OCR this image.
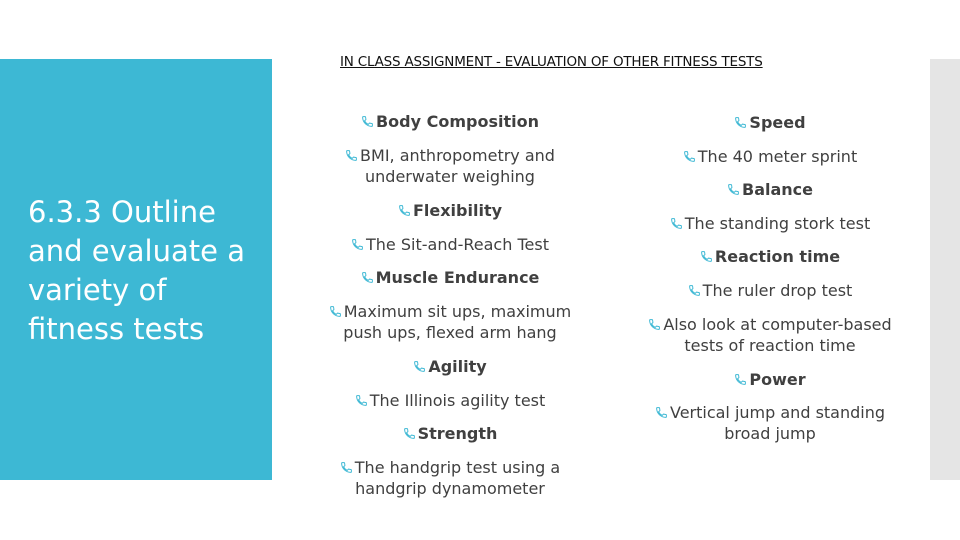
6.3.3 Outline and evaluate a variety of fitness tests
IN CLASS ASSIGNMENT - EVALUATION OF OTHER FITNESS TESTS
Body Composition
BMI, anthropometry and
underwater weighing
Flexibility
The Sit-and-Reach Test
Muscle Endurance
Maximum sit ups, maximum
push ups, flexed arm hang
Agility
The Illinois agility test
Strength
The handgrip test using a
handgrip dynamometer
Speed
The 40 meter sprint
Balance
The standing stork test
Reaction time
The ruler drop test
Also look at computer-based
tests of reaction time
Power
Vertical jump and standing
broad jump
